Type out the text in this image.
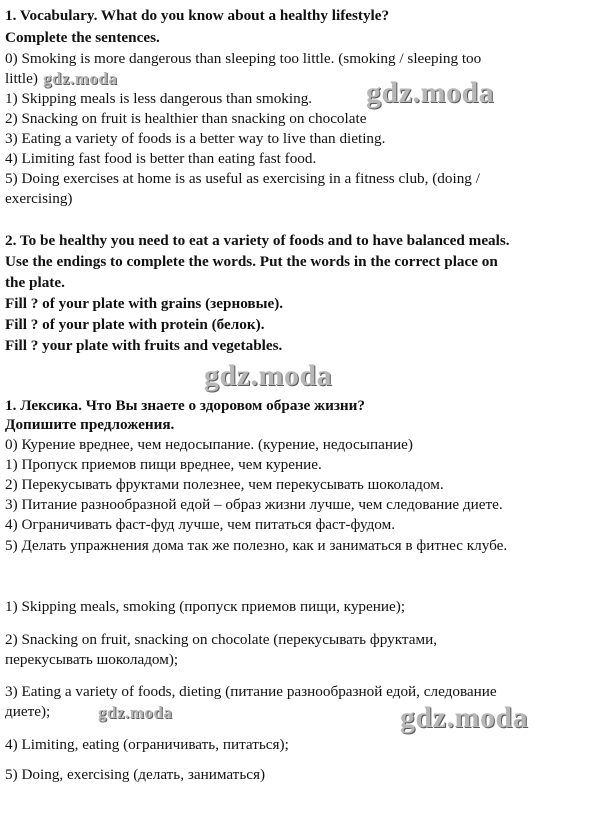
1. Vocabulary. What do you know about a healthy lifestyle?
Complete the sentences.
0) Smoking is more dangerous than sleeping too little. (smoking / sleeping too
little)
1) Skipping meals is less dangerous than smoking.
2) Snacking on fruit is healthier than snacking on chocolate
3) Eating a variety of foods is a better way to live than dieting.
4) Limiting fast food is better than eating fast food.
5) Doing exercises at home is as useful as exercising in a fitness club, (doing /
exercising)
2. To be healthy you need to eat a variety of foods and to have balanced meals.
Use the endings to complete the words. Put the words in the correct place on
the plate.
Fill ? of your plate with grains (зерновые).
Fill ? of your plate with protein (белок).
Fill ? your plate with fruits and vegetables.
1. Лексика. Что Вы знаете о здоровом образе жизни?
Допишите предложения.
0) Курение вреднее, чем недосыпание. (курение, недосыпание)
1) Пропуск приемов пищи вреднее, чем курение.
2) Перекусывать фруктами полезнее, чем перекусывать шоколадом.
3) Питание разнообразной едой – образ жизни лучше, чем следование диете.
4) Ограничивать фаст-фуд лучше, чем питаться фаст-фудом.
5) Делать упражнения дома так же полезно, как и заниматься в фитнес клубе.
1) Skipping meals, smoking (пропуск приемов пищи, курение);
2) Snacking on fruit, snacking on chocolate (перекусывать фруктами,
перекусывать шоколадом);
3) Eating a variety of foods, dieting (питание разнообразной едой, следование
диете);
4) Limiting, eating (ограничивать, питаться);
5) Doing, exercising (делать, заниматься)
gdz.moda	gdz.moda
gdz.moda
gdz.moda	gdz.moda
